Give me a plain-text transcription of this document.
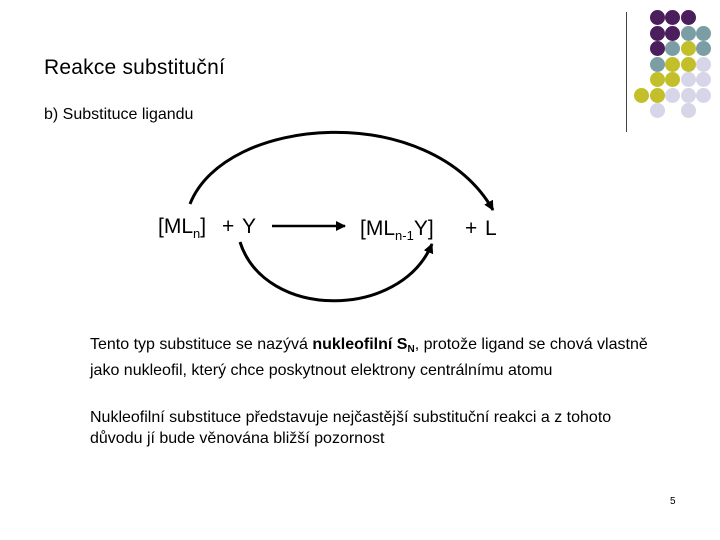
Reakce substituční
b) Substituce ligandu
$[ML_n] + Y$	$[ML_{n-1}Y] + L$
Tento typ substituce se nazývá nukleofilní $S_N$, protože ligand se chová vlastně jako nukleofil, který chce poskytnout elektrony centrálnímu atomu
Nukleofilní substituce představuje nejčastější substituční reakci a z tohoto důvodu jí bude věnována bližší pozornost
5
